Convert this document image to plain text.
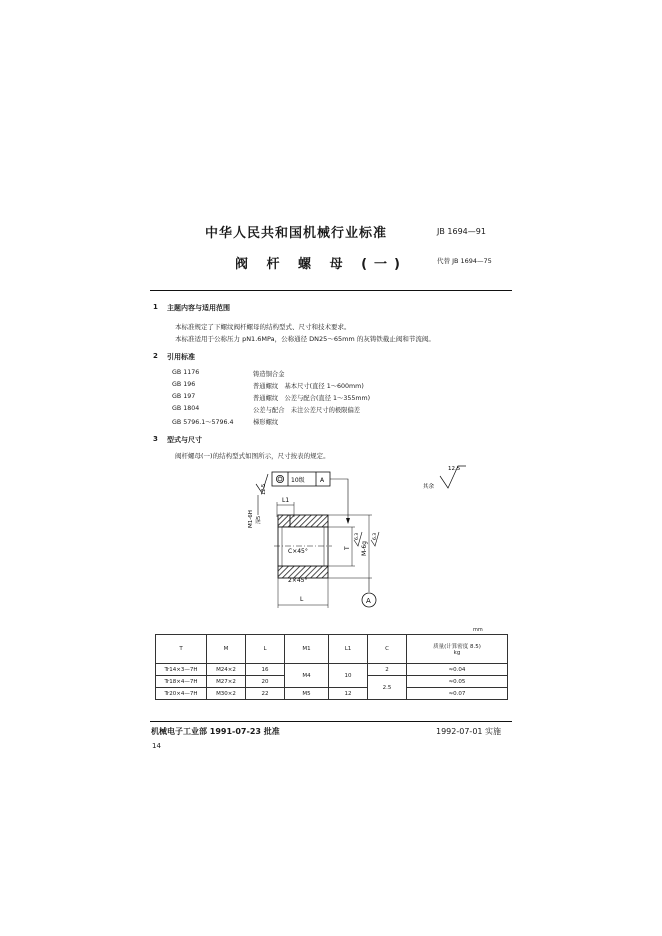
中华人民共和国机械行业标准	JB 1694—91
阀 杆 螺 母 (一)	代替 JB 1694—75
1 主题内容与适用范围
本标准规定了下螺纹阀杆螺母的结构型式、尺寸和技术要求。
本标准适用于公称压力 pN1.6MPa，公称通径 DN25～65mm 的灰铸铁截止阀和节流阀。
2 引用标准
GB 1176	铸造铜合金
GB 196	普通螺纹　基本尺寸(直径 1～600mm)
GB 197	普通螺纹　公差与配合(直径 1～355mm)
GB 1804	公差与配合　未注公差尺寸的极限偏差
GB 5796.1～5796.4	梯形螺纹
3 型式与尺寸
阀杆螺母(一)的结构型式如图所示，尺寸按表的规定。
10级	A
12.5
M1-6H 深5
L1
C×45°
2×45°
T M-6g
6.3	6.3
A
L
12.5
其余
mm
T	M	L	M1	L1	C	质量(计算密度 8.5)
kg
Tr14×3—7H	M24×2	16	M4	10	2	≈0.04
Tr18×4—7H	M27×2	20			2.5	≈0.05
Tr20×4—7H	M30×2	22	M5	12		≈0.07
机械电子工业部 1991-07-23 批准	1992-07-01 实施
14
